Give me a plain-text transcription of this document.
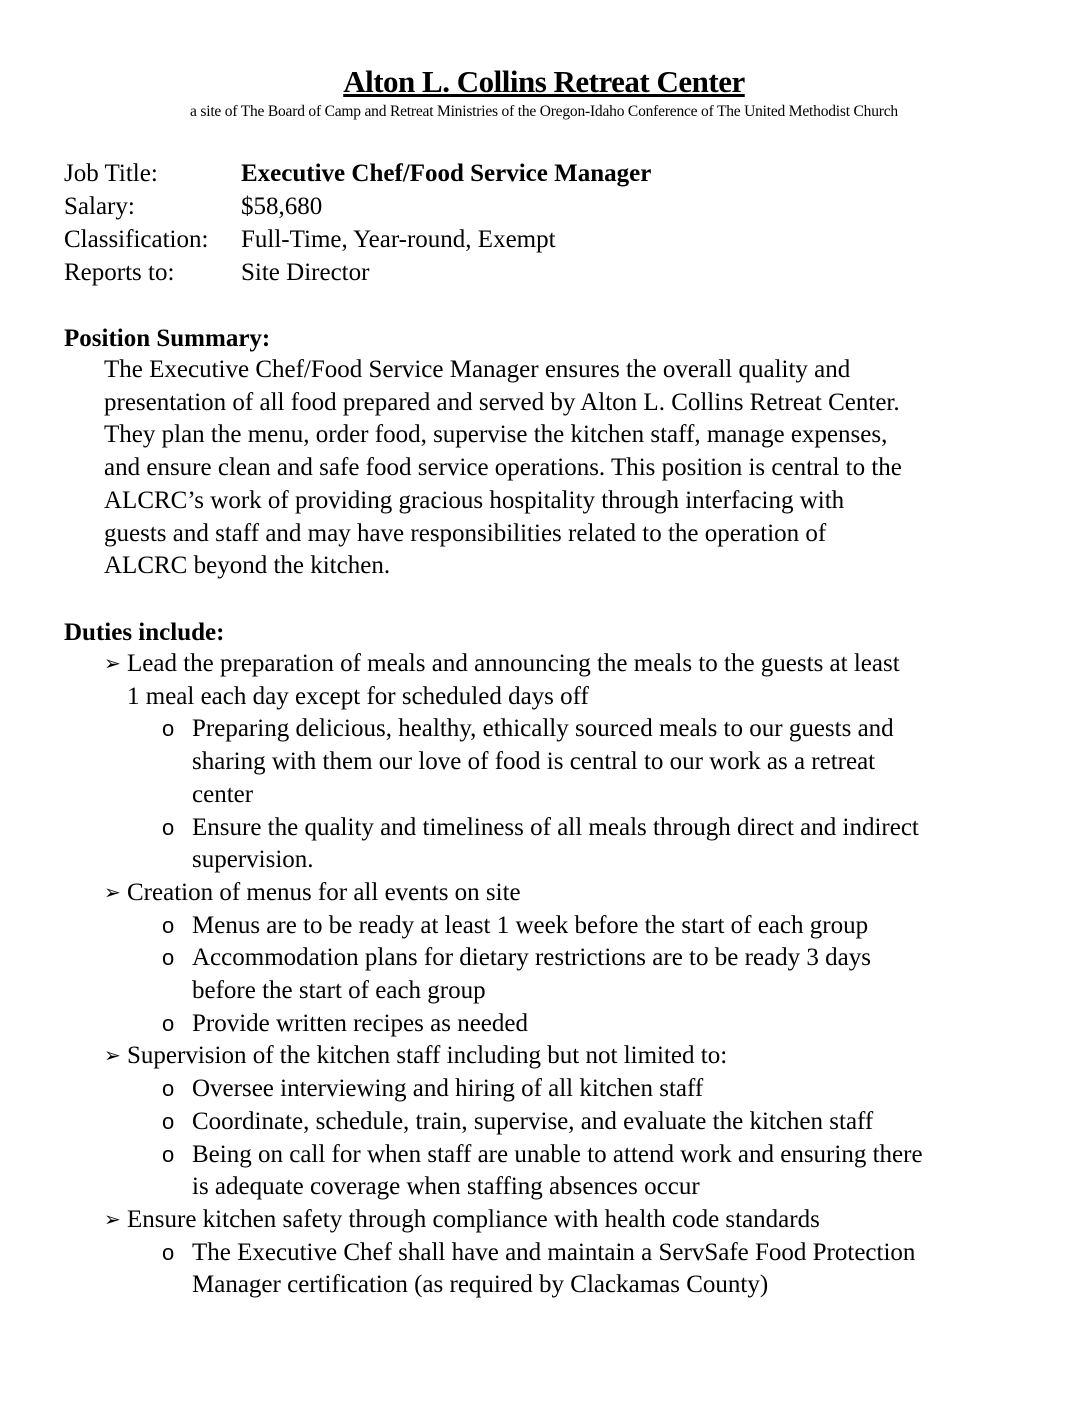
Alton L. Collins Retreat Center
a site of The Board of Camp and Retreat Ministries of the Oregon-Idaho Conference of The United Methodist Church
Job Title:	Executive Chef/Food Service Manager
Salary:	$58,680
Classification:	Full-Time, Year-round, Exempt
Reports to:	Site Director
Position Summary:
The Executive Chef/Food Service Manager ensures the overall quality and
presentation of all food prepared and served by Alton L. Collins Retreat Center.
They plan the menu, order food, supervise the kitchen staff, manage expenses,
and ensure clean and safe food service operations. This position is central to the
ALCRC’s work of providing gracious hospitality through interfacing with
guests and staff and may have responsibilities related to the operation of
ALCRC beyond the kitchen.
Duties include:
➢ Lead the preparation of meals and announcing the meals to the guests at least
1 meal each day except for scheduled days off
o Preparing delicious, healthy, ethically sourced meals to our guests and
sharing with them our love of food is central to our work as a retreat
center
o Ensure the quality and timeliness of all meals through direct and indirect
supervision.
➢ Creation of menus for all events on site
o Menus are to be ready at least 1 week before the start of each group
o Accommodation plans for dietary restrictions are to be ready 3 days
before the start of each group
o Provide written recipes as needed
➢ Supervision of the kitchen staff including but not limited to:
o Oversee interviewing and hiring of all kitchen staff
o Coordinate, schedule, train, supervise, and evaluate the kitchen staff
o Being on call for when staff are unable to attend work and ensuring there
is adequate coverage when staffing absences occur
➢ Ensure kitchen safety through compliance with health code standards
o The Executive Chef shall have and maintain a ServSafe Food Protection
Manager certification (as required by Clackamas County)
